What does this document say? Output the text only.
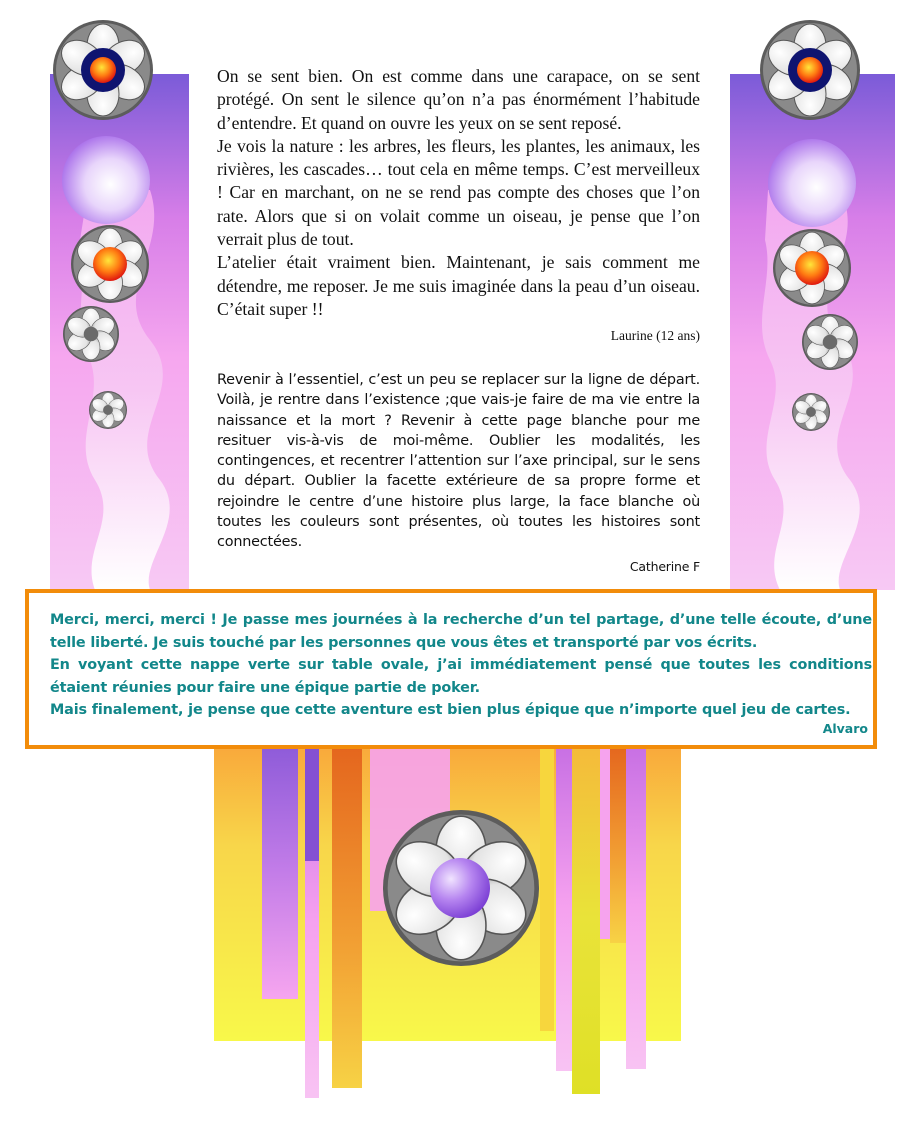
On se sent bien. On est comme dans une carapace, on se sent protégé. On sent le silence qu’on n’a pas énormément l’habitude d’entendre. Et quand on ouvre les yeux on se sent reposé.

Je vois la nature : les arbres, les fleurs, les plantes, les animaux, les rivières, les cascades… tout cela en même temps. C’est merveilleux ! Car en marchant, on ne se rend pas compte des choses que l’on rate. Alors que si on volait comme un oiseau, je pense que l’on verrait plus de tout.

L’atelier était vraiment bien. Maintenant, je sais comment me détendre, me reposer. Je me suis imaginée dans la peau d’un oiseau. C’était super !!

Laurine (12 ans)

Revenir à l’essentiel, c’est un peu se replacer sur la ligne de départ. Voilà, je rentre dans l’existence ;que vais-je faire de ma vie entre la naissance et la mort ? Revenir à cette page blanche pour me resituer vis-à-vis de moi-même. Oublier les modalités, les contingences, et recentrer l’attention sur l’axe principal, sur le sens du départ. Oublier la facette extérieure de sa propre forme et rejoindre le centre d’une histoire plus large, la face blanche où toutes les couleurs sont présentes, où toutes les histoires sont connectées.

Catherine F

Merci, merci, merci ! Je passe mes journées à la recherche d’un tel partage, d’une telle écoute, d’une telle liberté. Je suis touché par les personnes que vous êtes et transporté par vos écrits.

En voyant cette nappe verte sur table ovale, j’ai immédiatement pensé que toutes les conditions étaient réunies pour faire une épique partie de poker.

Mais finalement, je pense que cette aventure est bien plus épique que n’importe quel jeu de cartes.

Alvaro
